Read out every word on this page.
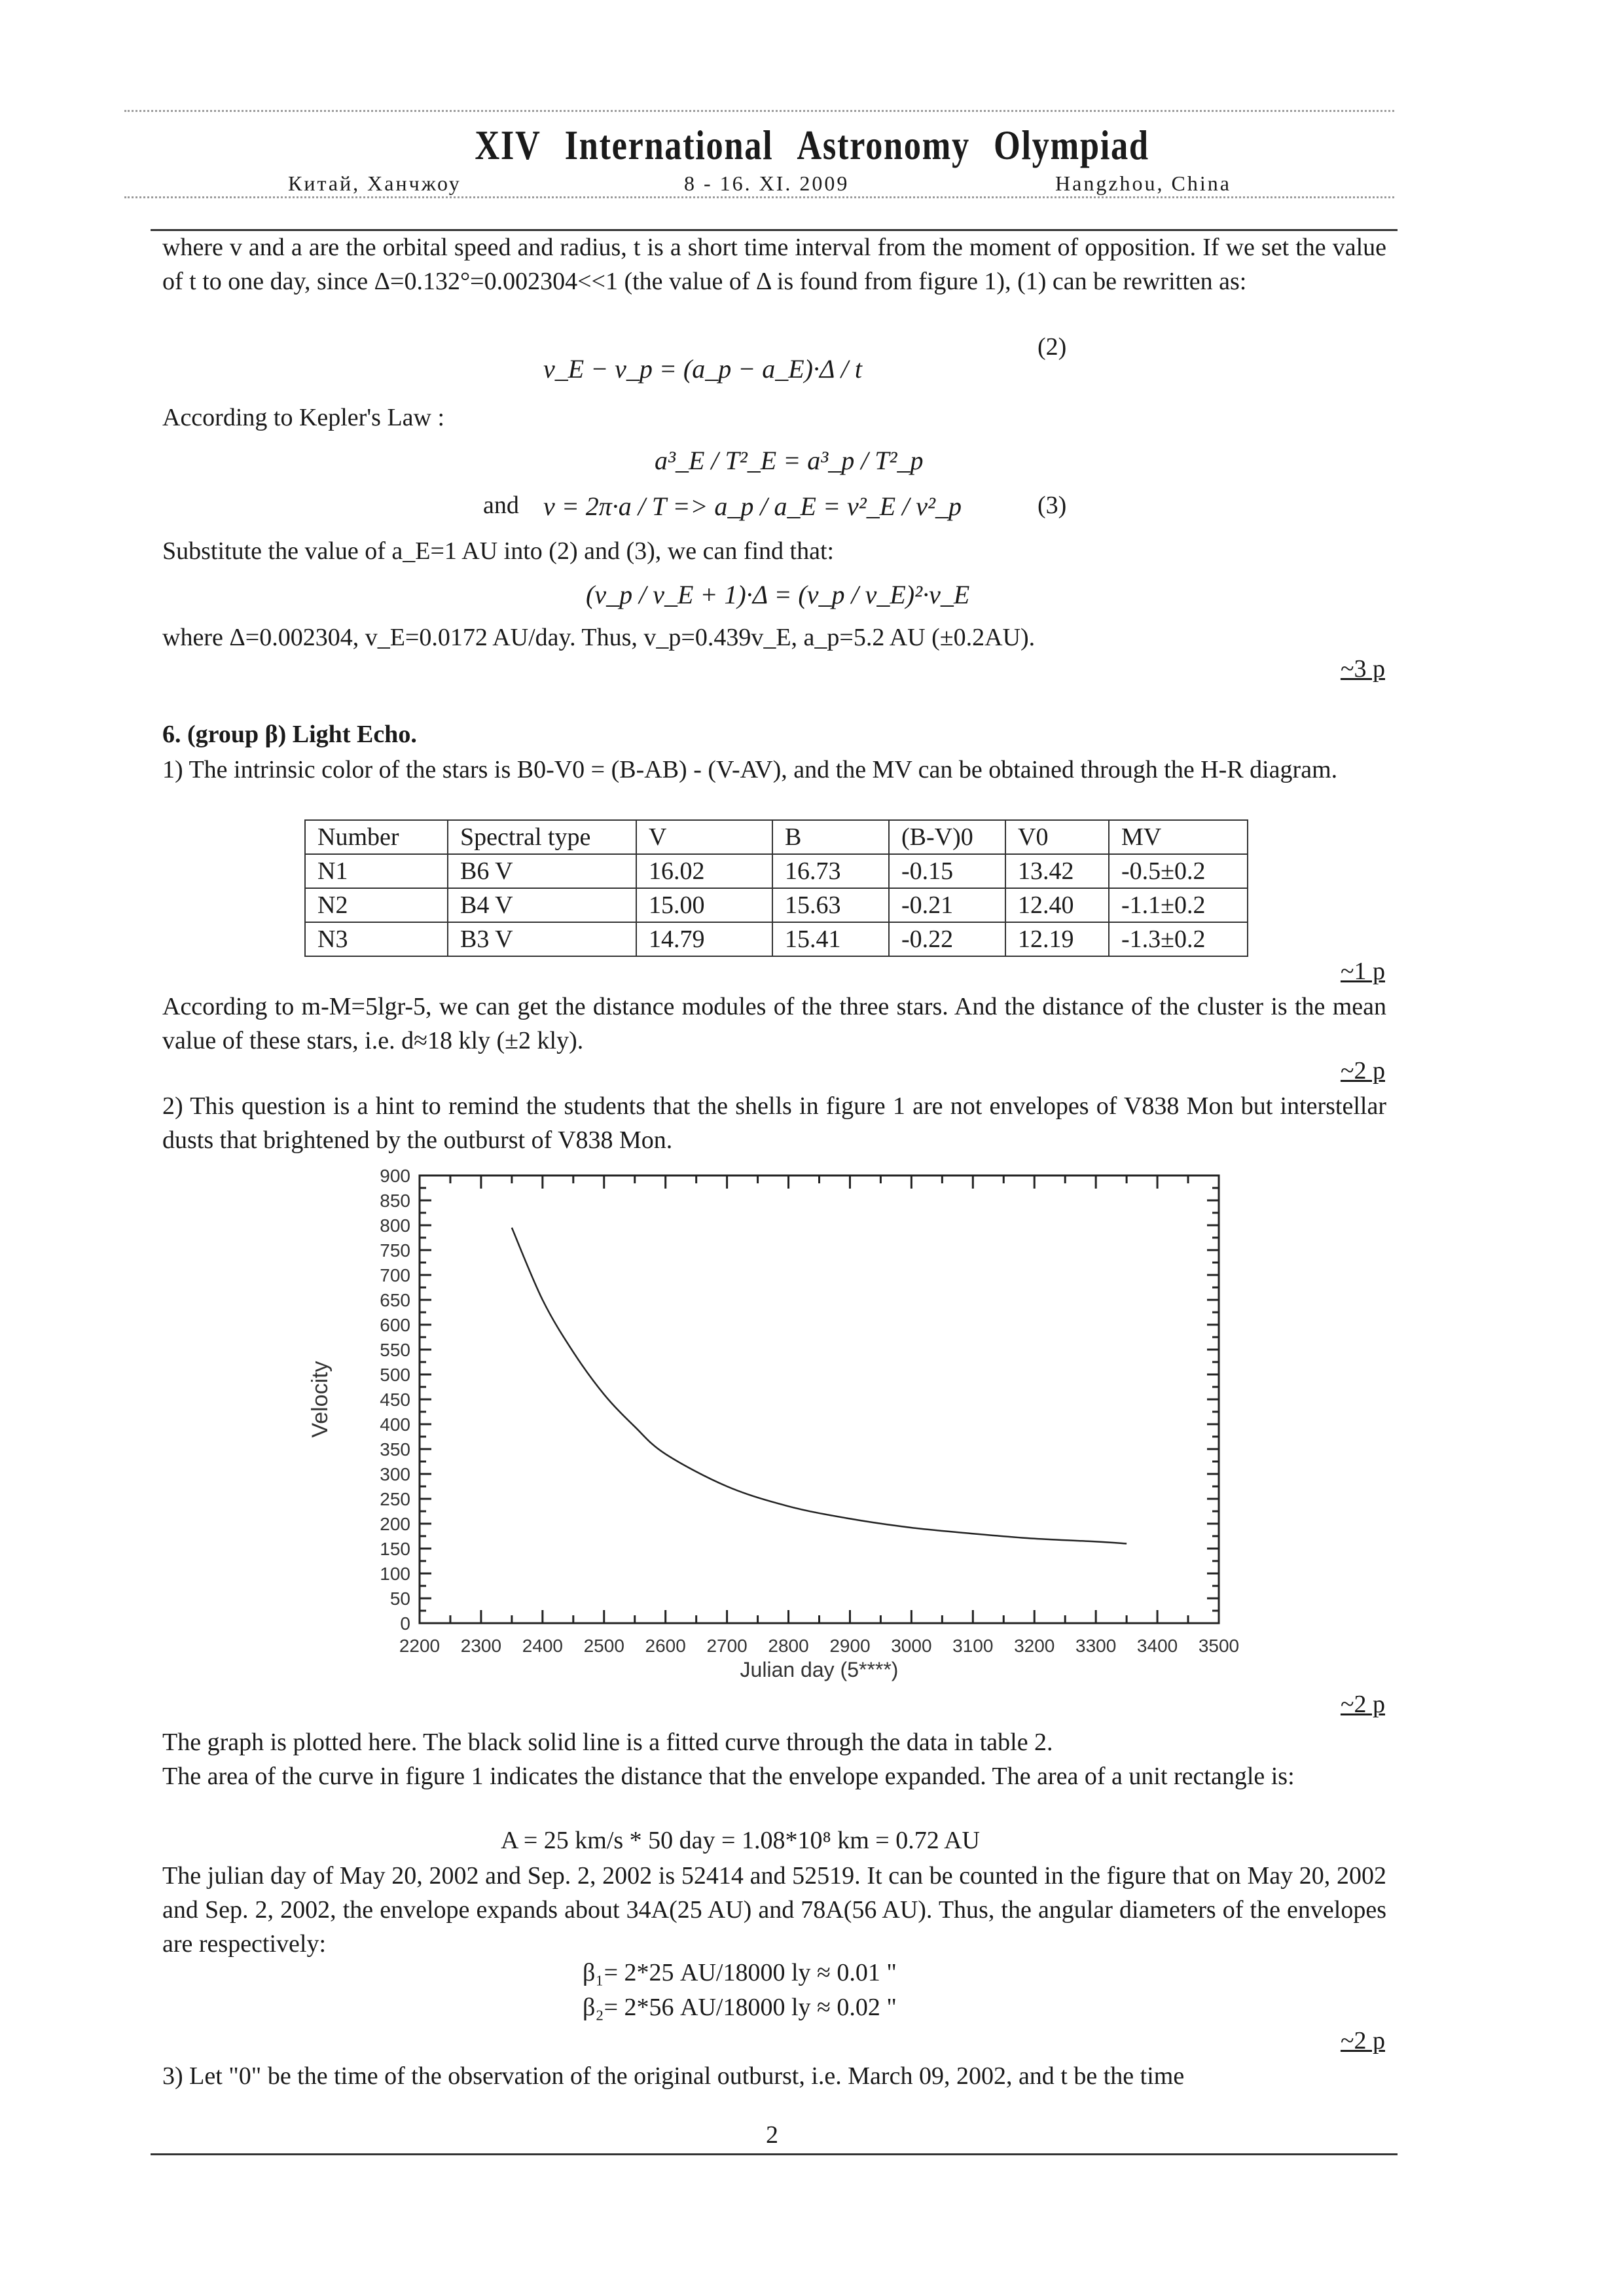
XIV International Astronomy Olympiad
Китай, Ханчжоу	8 - 16. XI. 2009	Hangzhou, China
where v and a are the orbital speed and radius, t is a short time interval from the moment of opposition. If we set the value of t to one day, since Δ=0.132°=0.002304<<1 (the value of Δ is found from figure 1), (1) can be rewritten as:
v_E − v_p = (a_p − a_E)·Δ / t
(2)
According to Kepler's Law :
a³_E / T²_E = a³_p / T²_p
and v = 2π·a / T => a_p / a_E = v²_E / v²_p	(3)
Substitute the value of a_E=1 AU into (2) and (3), we can find that:
(v_p / v_E + 1)·Δ = (v_p / v_E)²·v_E
where Δ=0.002304, v_E=0.0172 AU/day. Thus, v_p=0.439v_E, a_p=5.2 AU (±0.2AU).
~3 p
6. (group β) Light Echo.
1) The intrinsic color of the stars is B0-V0 = (B-AB) - (V-AV), and the MV can be obtained through the H-R diagram.
Number	Spectral type	V	B	(B-V)0	V0	MV
N1	B6 V	16.02	16.73	-0.15	13.42	-0.5±0.2
N2	B4 V	15.00	15.63	-0.21	12.40	-1.1±0.2
N3	B3 V	14.79	15.41	-0.22	12.19	-1.3±0.2
~1 p
According to m-M=5lgr-5, we can get the distance modules of the three stars. And the distance of the cluster is the mean value of these stars, i.e. d≈18 kly (±2 kly).
~2 p
2) This question is a hint to remind the students that the shells in figure 1 are not envelopes of V838 Mon but interstellar dusts that brightened by the outburst of V838 Mon.
Velocity
0
50
100
150
200
250
300
350
400
450
500
550
600
650
700
750
800
850
900
2200 2300 2400 2500 2600 2700 2800 2900 3000 3100 3200 3300 3400 3500
Julian day (5****)
~2 p
The graph is plotted here. The black solid line is a fitted curve through the data in table 2.
The area of the curve in figure 1 indicates the distance that the envelope expanded. The area of a unit rectangle is:
A = 25 km/s * 50 day = 1.08*10⁸ km = 0.72 AU
The julian day of May 20, 2002 and Sep. 2, 2002 is 52414 and 52519. It can be counted in the figure that on May 20, 2002 and Sep. 2, 2002, the envelope expands about 34A(25 AU) and 78A(56 AU). Thus, the angular diameters of the envelopes are respectively:
β₁= 2*25 AU/18000 ly ≈ 0.01 "
β₂= 2*56 AU/18000 ly ≈ 0.02 "
~2 p
3) Let "0" be the time of the observation of the original outburst, i.e. March 09, 2002, and t be the time
2
